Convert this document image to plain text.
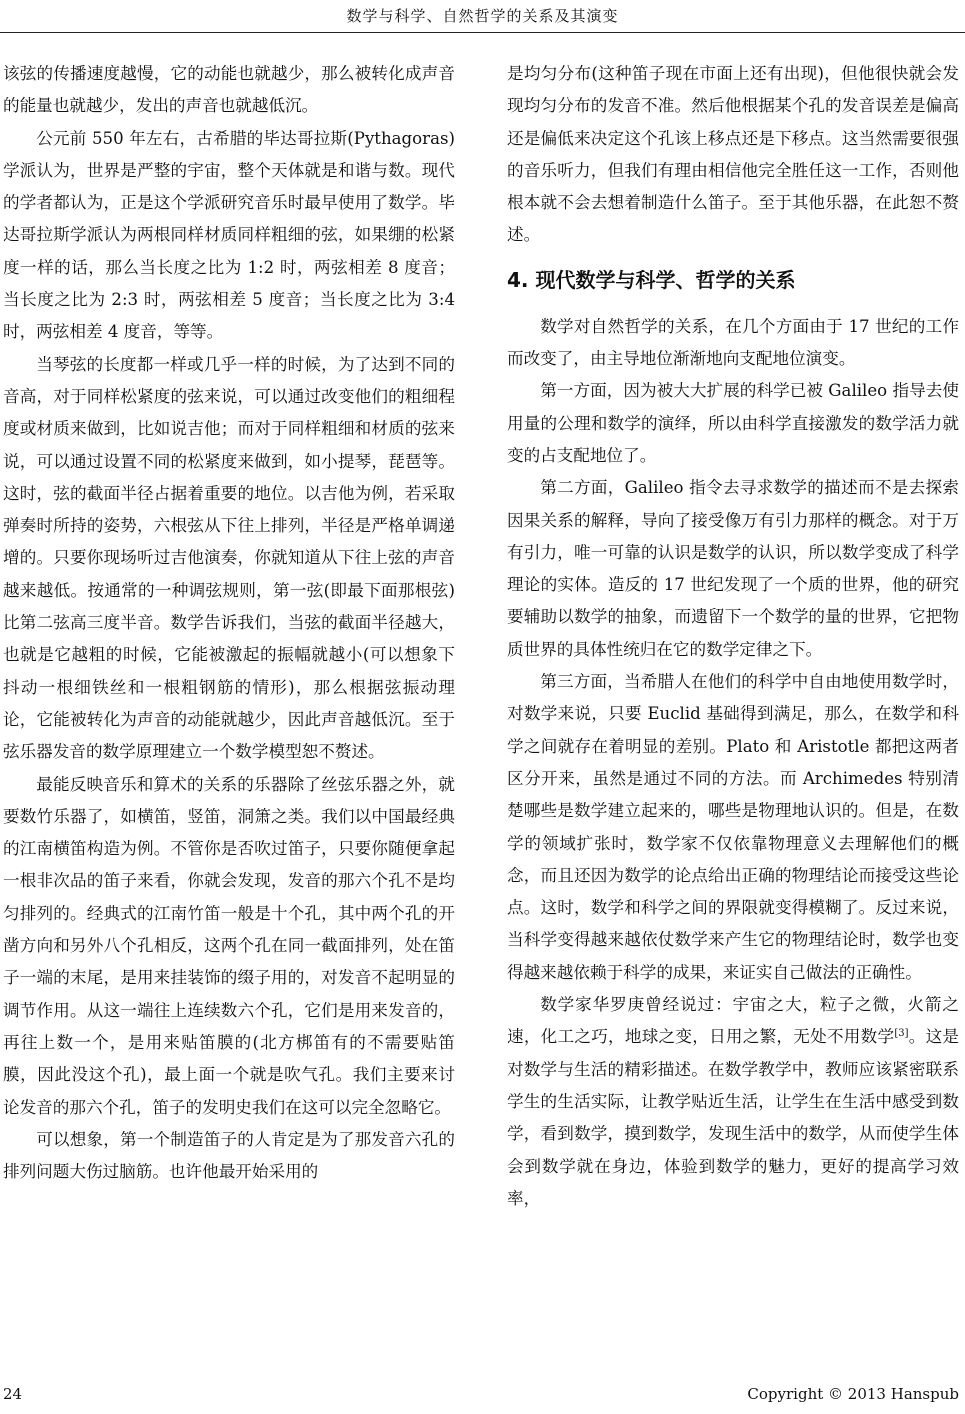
数学与科学、自然哲学的关系及其演变

该弦的传播速度越慢，它的动能也就越少，那么被转化成声音的能量也就越少，发出的声音也就越低沉。

公元前 550 年左右，古希腊的毕达哥拉斯(Pythagoras)学派认为，世界是严整的宇宙，整个天体就是和谐与数。现代的学者都认为，正是这个学派研究音乐时最早使用了数学。毕达哥拉斯学派认为两根同样材质同样粗细的弦，如果绷的松紧度一样的话，那么当长度之比为 1:2 时，两弦相差 8 度音；当长度之比为 2:3 时，两弦相差 5 度音；当长度之比为 3:4 时，两弦相差 4 度音，等等。

当琴弦的长度都一样或几乎一样的时候，为了达到不同的音高，对于同样松紧度的弦来说，可以通过改变他们的粗细程度或材质来做到，比如说吉他；而对于同样粗细和材质的弦来说，可以通过设置不同的松紧度来做到，如小提琴，琵琶等。这时，弦的截面半径占据着重要的地位。以吉他为例，若采取弹奏时所持的姿势，六根弦从下往上排列，半径是严格单调递增的。只要你现场听过吉他演奏，你就知道从下往上弦的声音越来越低。按通常的一种调弦规则，第一弦(即最下面那根弦)比第二弦高三度半音。数学告诉我们，当弦的截面半径越大，也就是它越粗的时候，它能被激起的振幅就越小(可以想象下抖动一根细铁丝和一根粗钢筋的情形)，那么根据弦振动理论，它能被转化为声音的动能就越少，因此声音越低沉。至于弦乐器发音的数学原理建立一个数学模型恕不赘述。

最能反映音乐和算术的关系的乐器除了丝弦乐器之外，就要数竹乐器了，如横笛，竖笛，洞箫之类。我们以中国最经典的江南横笛构造为例。不管你是否吹过笛子，只要你随便拿起一根非次品的笛子来看，你就会发现，发音的那六个孔不是均匀排列的。经典式的江南竹笛一般是十个孔，其中两个孔的开凿方向和另外八个孔相反，这两个孔在同一截面排列，处在笛子一端的末尾，是用来挂装饰的缀子用的，对发音不起明显的调节作用。从这一端往上连续数六个孔，它们是用来发音的，再往上数一个，是用来贴笛膜的(北方梆笛有的不需要贴笛膜，因此没这个孔)，最上面一个就是吹气孔。我们主要来讨论发音的那六个孔，笛子的发明史我们在这可以完全忽略它。

可以想象，第一个制造笛子的人肯定是为了那发音六孔的排列问题大伤过脑筋。也许他最开始采用的

是均匀分布(这种笛子现在市面上还有出现)，但他很快就会发现均匀分布的发音不准。然后他根据某个孔的发音误差是偏高还是偏低来决定这个孔该上移点还是下移点。这当然需要很强的音乐听力，但我们有理由相信他完全胜任这一工作，否则他根本就不会去想着制造什么笛子。至于其他乐器，在此恕不赘述。

4. 现代数学与科学、哲学的关系

数学对自然哲学的关系，在几个方面由于 17 世纪的工作而改变了，由主导地位渐渐地向支配地位演变。

第一方面，因为被大大扩展的科学已被 Galileo 指导去使用量的公理和数学的演绎，所以由科学直接激发的数学活力就变的占支配地位了。

第二方面，Galileo 指令去寻求数学的描述而不是去探索因果关系的解释，导向了接受像万有引力那样的概念。对于万有引力，唯一可靠的认识是数学的认识，所以数学变成了科学理论的实体。造反的 17 世纪发现了一个质的世界，他的研究要辅助以数学的抽象，而遗留下一个数学的量的世界，它把物质世界的具体性统归在它的数学定律之下。

第三方面，当希腊人在他们的科学中自由地使用数学时，对数学来说，只要 Euclid 基础得到满足，那么，在数学和科学之间就存在着明显的差别。Plato 和 Aristotle 都把这两者区分开来，虽然是通过不同的方法。而 Archimedes 特别清楚哪些是数学建立起来的，哪些是物理地认识的。但是，在数学的领域扩张时，数学家不仅依靠物理意义去理解他们的概念，而且还因为数学的论点给出正确的物理结论而接受这些论点。这时，数学和科学之间的界限就变得模糊了。反过来说，当科学变得越来越依仗数学来产生它的物理结论时，数学也变得越来越依赖于科学的成果，来证实自己做法的正确性。

数学家华罗庚曾经说过：宇宙之大，粒子之微，火箭之速，化工之巧，地球之变，日用之繁，无处不用数学[3]。这是对数学与生活的精彩描述。在数学教学中，教师应该紧密联系学生的生活实际，让教学贴近生活，让学生在生活中感受到数学，看到数学，摸到数学，发现生活中的数学，从而使学生体会到数学就在身边，体验到数学的魅力，更好的提高学习效率，

24	Copyright © 2013 Hanspub
